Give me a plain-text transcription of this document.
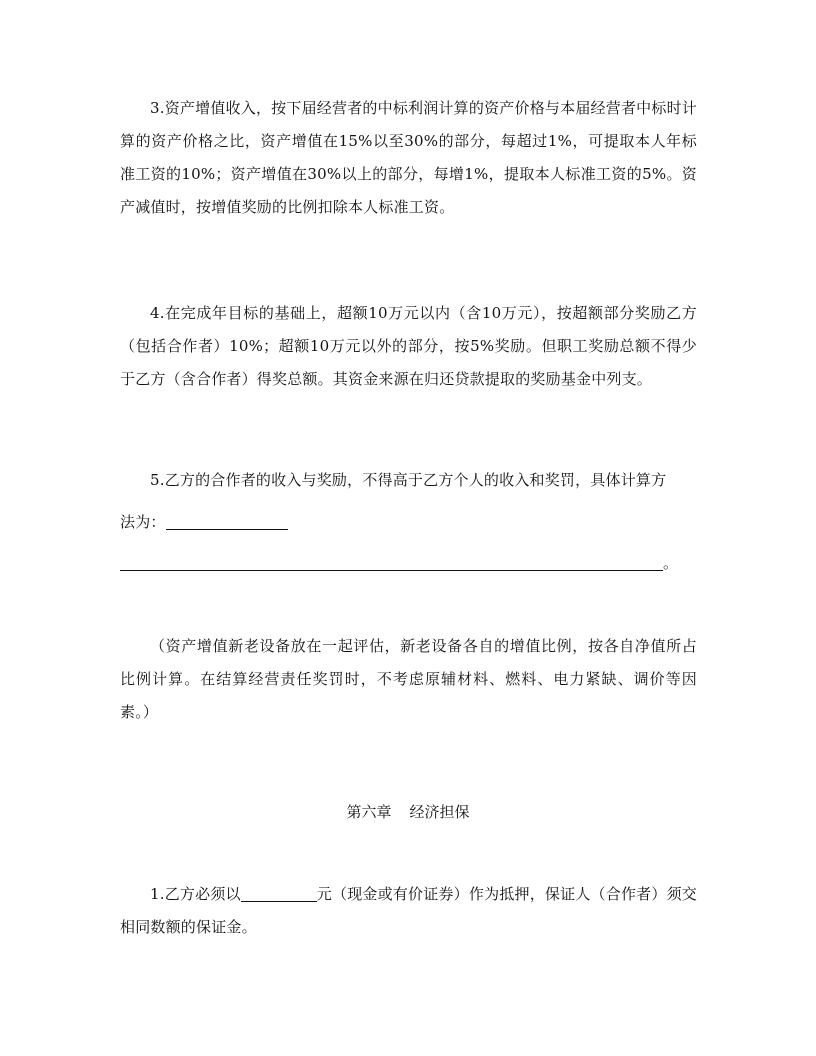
3.资产增值收入，按下届经营者的中标利润计算的资产价格与本届经营者中标时计算的资产价格之比，资产增值在15%以至30%的部分，每超过1%，可提取本人年标准工资的10%；资产增值在30%以上的部分，每增1%，提取本人标准工资的5%。资产减值时，按增值奖励的比例扣除本人标准工资。

4.在完成年目标的基础上，超额10万元以内（含10万元），按超额部分奖励乙方（包括合作者）10%；超额10万元以外的部分，按5%奖励。但职工奖励总额不得少于乙方（含合作者）得奖总额。其资金来源在归还贷款提取的奖励基金中列支。

5.乙方的合作者的收入与奖励，不得高于乙方个人的收入和奖罚，具体计算方

法为：

。

（资产增值新老设备放在一起评估，新老设备各自的增值比例，按各自净值所占比例计算。在结算经营责任奖罚时，不考虑原辅材料、燃料、电力紧缺、调价等因素。）

第六章 经济担保

1.乙方必须以	元（现金或有价证券）作为抵押，保证人（合作者）须交相同数额的保证金。
